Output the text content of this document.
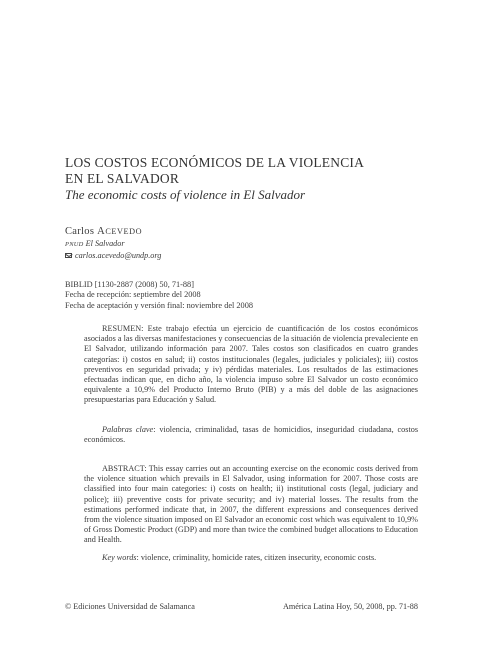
LOS COSTOS ECONÓMICOS DE LA VIOLENCIA
EN EL SALVADOR
The economic costs of violence in El Salvador
Carlos ACEVEDO
PNUD El Salvador
carlos.acevedo@undp.org
BIBLID [1130-2887 (2008) 50, 71-88]
Fecha de recepción: septiembre del 2008
Fecha de aceptación y versión final: noviembre del 2008

RESUMEN: Este trabajo efectúa un ejercicio de cuantificación de los costos económicos asociados a las diversas manifestaciones y consecuencias de la situación de violencia prevaleciente en El Salvador, utilizando información para 2007. Tales costos son clasificados en cuatro grandes categorías: i) costos en salud; ii) costos institucionales (legales, judiciales y policiales); iii) costos preventivos en seguridad privada; y iv) pérdidas materiales. Los resultados de las estimaciones efectuadas indican que, en dicho año, la violencia impuso sobre El Salvador un costo económico equivalente a 10,9% del Producto Interno Bruto (PIB) y a más del doble de las asignaciones presupuestarias para Educación y Salud.

Palabras clave: violencia, criminalidad, tasas de homicidios, inseguridad ciudadana, costos económicos.

ABSTRACT: This essay carries out an accounting exercise on the economic costs derived from the violence situation which prevails in El Salvador, using information for 2007. Those costs are classified into four main categories: i) costs on health; ii) institutional costs (legal, judiciary and police); iii) preventive costs for private security; and iv) material losses. The results from the estimations performed indicate that, in 2007, the different expressions and consequences derived from the violence situation imposed on El Salvador an economic cost which was equivalent to 10,9% of Gross Domestic Product (GDP) and more than twice the combined budget allocations to Education and Health.

Key words: violence, criminality, homicide rates, citizen insecurity, economic costs.
© Ediciones Universidad de Salamanca	América Latina Hoy, 50, 2008, pp. 71-88
